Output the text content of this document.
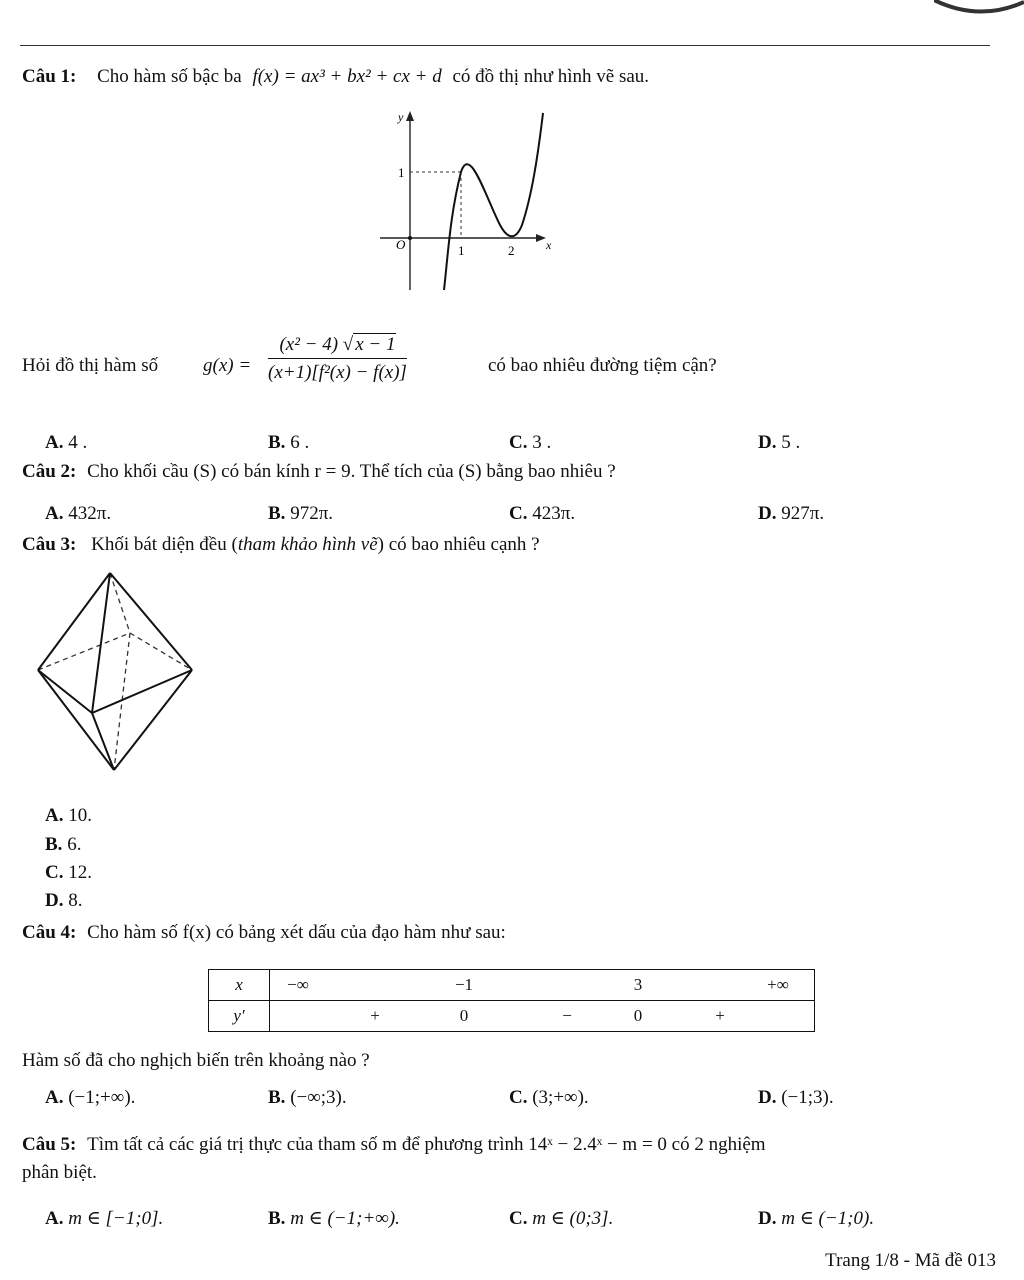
Câu 1: Cho hàm số bậc ba f(x) = ax³ + bx² + cx + d có đồ thị như hình vẽ sau.
y
x
O
1
1	2
Hỏi đồ thị hàm số $g(x) = \frac{\text{(x² − 4) √ x − 1}}{\text{(x+1)[f²(x) − f(x)]}}$	có bao nhiêu đường tiệm cận?
A. 4 .	B. 6 .	C. 3 .	D. 5 .
Câu 2: Cho khối cầu (S) có bán kính r = 9. Thể tích của (S) bằng bao nhiêu ?
A. 432π.	B. 972π.	C. 423π.	D. 927π.
Câu 3: Khối bát diện đều (tham khảo hình vẽ) có bao nhiêu cạnh ?
A. 10.
B. 6.
C. 12.
D. 8.
Câu 4: Cho hàm số f(x) có bảng xét dấu của đạo hàm như sau:
x	−∞ −1 3 +∞

y′	+ 0 − 0 +
Hàm số đã cho nghịch biến trên khoảng nào ?
A. (−1;+∞).	B. (−∞;3).	C. (3;+∞).	D. (−1;3).
Câu 5: Tìm tất cả các giá trị thực của tham số m để phương trình 14ˣ − 2.4ˣ − m = 0 có 2 nghiệm
phân biệt.
A. m ∈ [−1;0].	B. m ∈ (−1;+∞).	C. m ∈ (0;3].	D. m ∈ (−1;0).
Trang 1/8 - Mã đề 013
